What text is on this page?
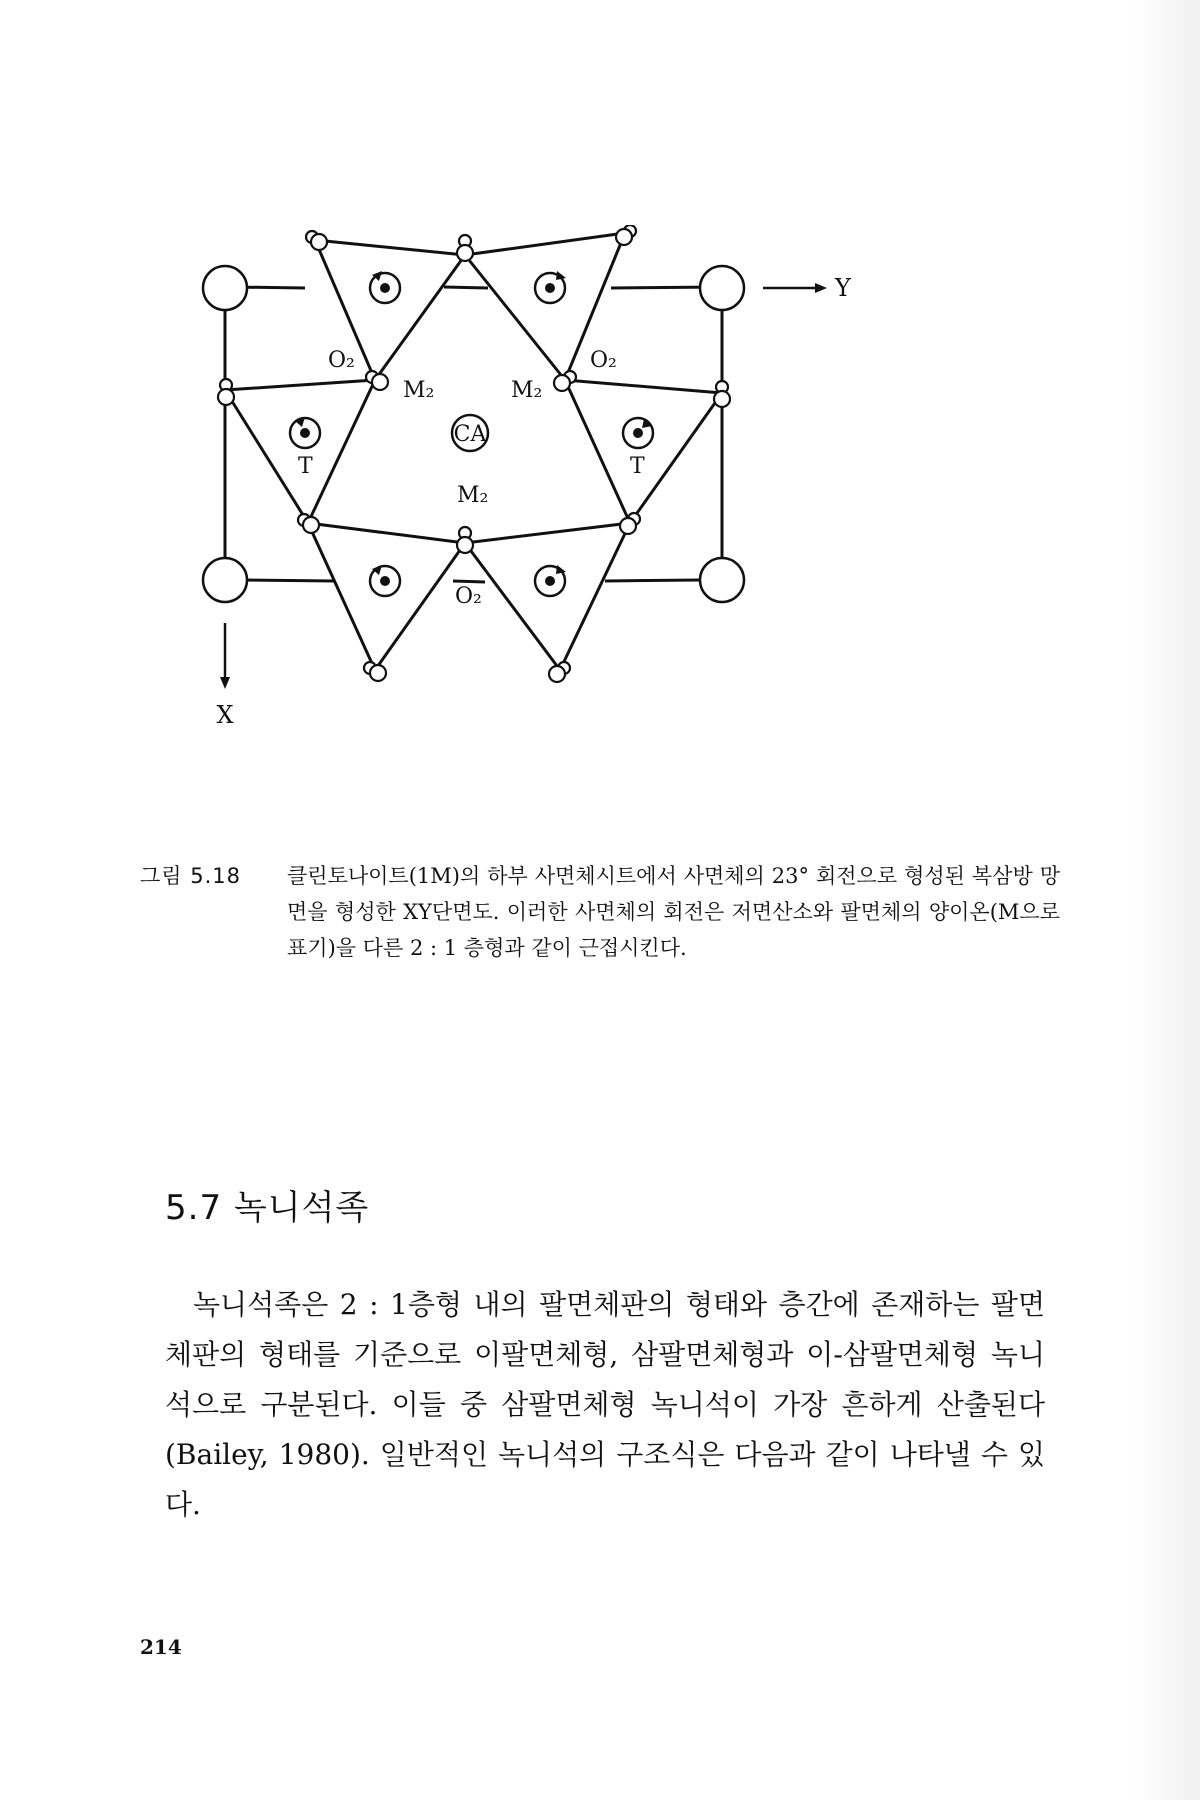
CA
O₂	O₂
O₂
M₂	M₂
M₂
T	T
Y
X
그림 5.18	클린토나이트(1M)의 하부 사면체시트에서 사면체의 23° 회전으로 형성된 복삼방 망면을 형성한 XY단면도. 이러한 사면체의 회전은 저면산소와 팔면체의 양이온(M으로 표기)을 다른 2 : 1 층형과 같이 근접시킨다.
5.7 녹니석족

녹니석족은 2 : 1층형 내의 팔면체판의 형태와 층간에 존재하는 팔면체판의 형태를 기준으로 이팔면체형, 삼팔면체형과 이-삼팔면체형 녹니석으로 구분된다. 이들 중 삼팔면체형 녹니석이 가장 흔하게 산출된다(Bailey, 1980). 일반적인 녹니석의 구조식은 다음과 같이 나타낼 수 있다.

214
